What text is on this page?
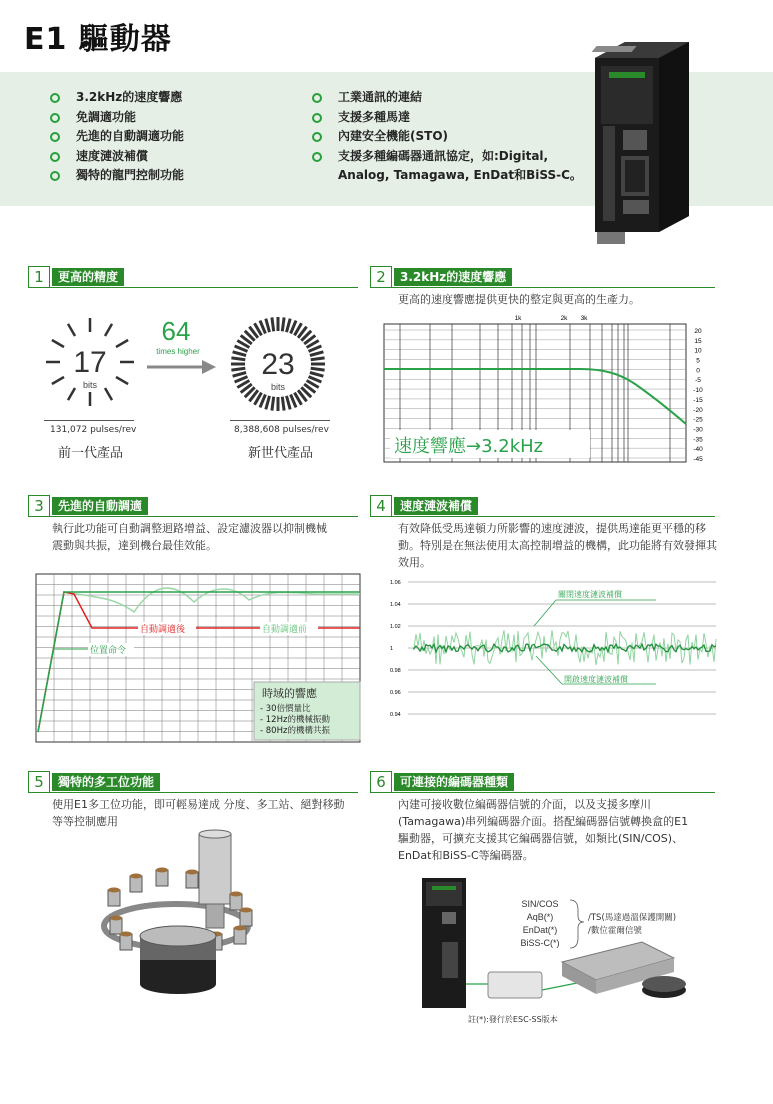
E1 驅動器
3.2kHz的速度響應
免調適功能
先進的自動調適功能
速度漣波補償
獨特的龍門控制功能
工業通訊的連結
支援多種馬達
內建安全機能(STO)
支援多種編碼器通訊協定，如:Digital,
Analog, Tamagawa, EnDat和BiSS-C。
1	更高的精度
17
bits
64
times higher 23
bits
131,072 pulses/rev	8,388,608 pulses/rev
前一代產品	新世代產品
2	3.2kHz的速度響應
更高的速度響應提供更快的整定與更高的生產力。
1k	2k 3k
20
15
10
5
0
-5
-10
-15
-20
-25
-30
-35
-40
-45
速度響應→3.2kHz
3	先進的自動調適
執行此功能可自動調整迴路增益、設定濾波器以抑制機械
震動與共振，達到機台最佳效能。
自動調適後	自動調適前
位置命令
時域的響應
- 30倍慣量比
- 12Hz的機械振動
- 80Hz的機構共振
4	速度漣波補償
有效降低受馬達頓力所影響的速度漣波，提供馬達能更平穩的移
動。特別是在無法使用太高控制增益的機構，此功能將有效發揮其
效用。
1.06
1.04
1.02
1
0.98
0.96
0.94
關閉速度漣波補償
開啟速度漣波補償
5	獨特的多工位功能
使用E1多工位功能，即可輕易達成 分度、多工站、絕對移動
等等控制應用
6	可連接的編碼器種類
內建可接收數位編碼器信號的介面，以及支援多摩川
(Tamagawa)串列編碼器介面。搭配編碼器信號轉換盒的E1
驅動器，可擴充支援其它編碼器信號，如類比(SIN/COS)、
EnDat和BiSS-C等編碼器。
SIN/COS
AqB(*)
EnDat(*)
BiSS-C(*)
/TS(馬達過溫保護開關)
/數位霍爾信號
註(*):發行於ESC-SS版本
